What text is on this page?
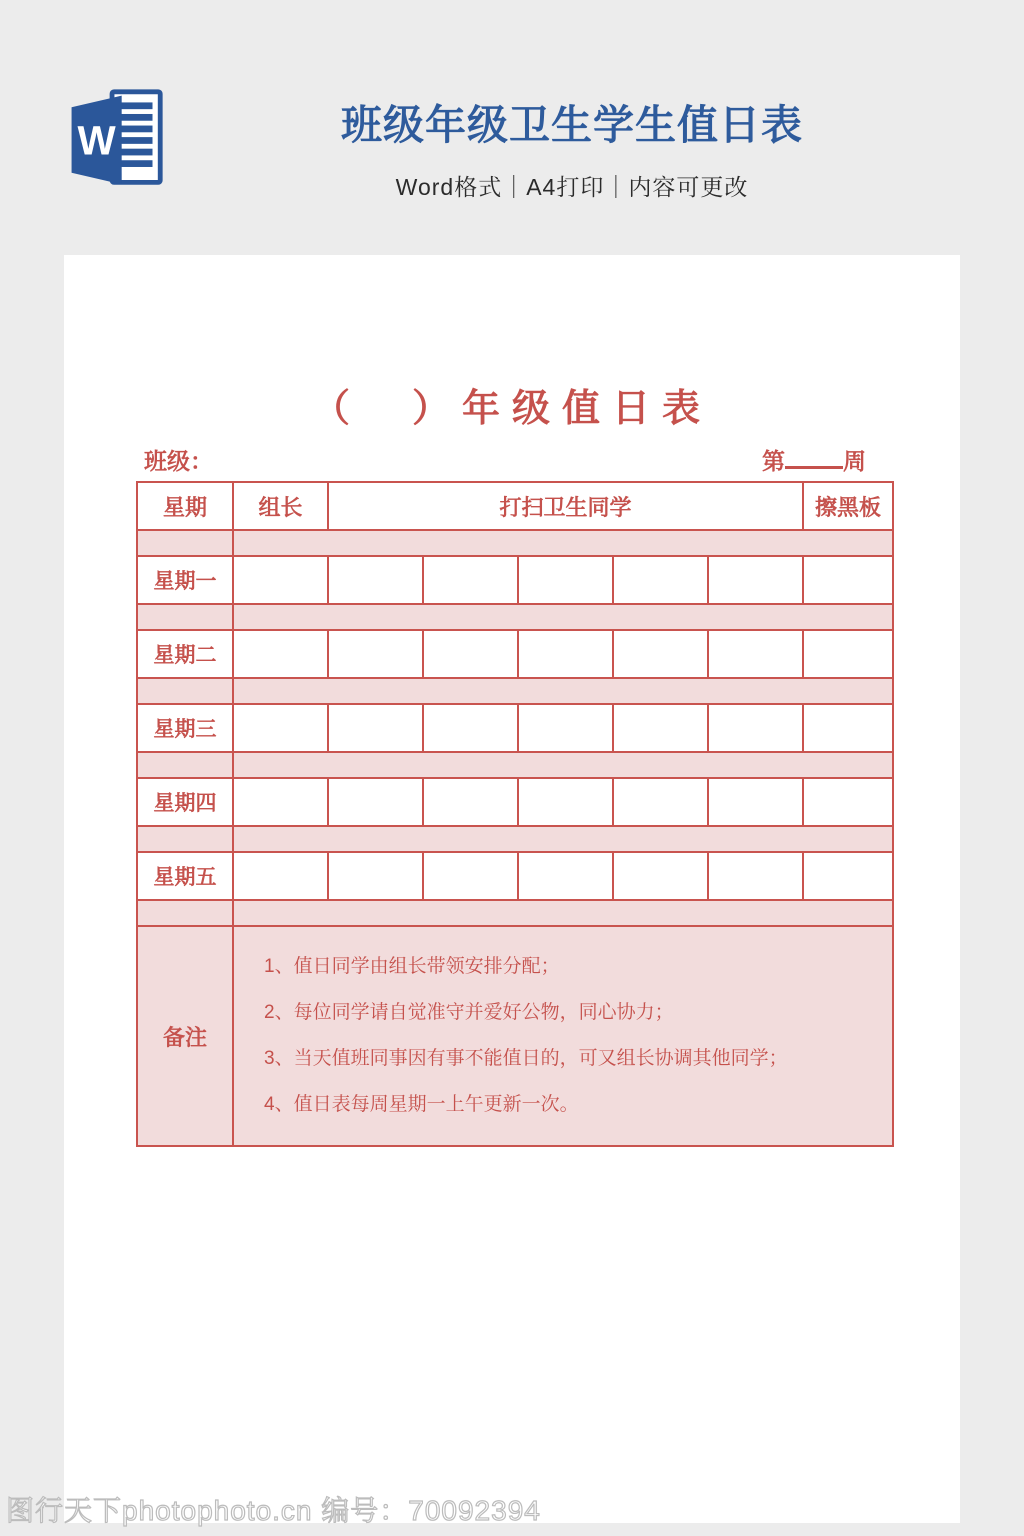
W	班级年级卫生学生值日表
Word格式｜A4打印｜内容可更改
（　）年级值日表
班级：	第	周
星期	组长	打扫卫生同学					擦黑板

星期一							

星期二							

星期三							

星期四							

星期五							

备注	1、值日同学由组长带领安排分配；
2、每位同学请自觉准守并爱好公物，同心协力；
3、当天值班同事因有事不能值日的，可又组长协调其他同学；
4、值日表每周星期一上午更新一次。						
图行天下photophoto.cn 编号：70092394
